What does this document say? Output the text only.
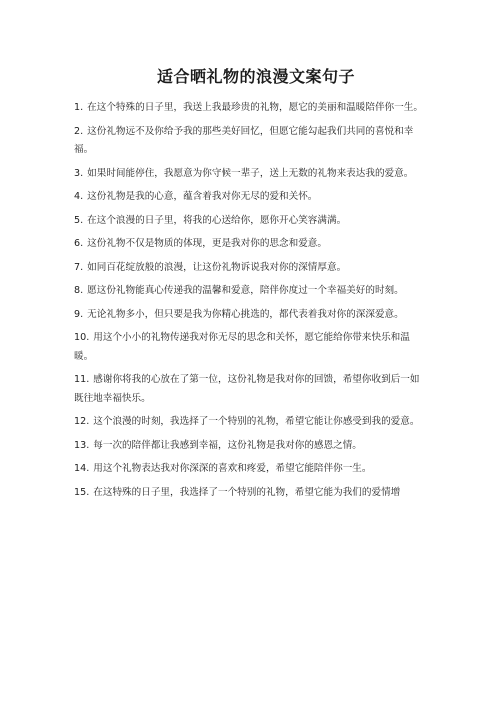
适合晒礼物的浪漫文案句子
1. 在这个特殊的日子里，我送上我最珍贵的礼物，愿它的美丽和温暖陪伴你一生。
2. 这份礼物远不及你给予我的那些美好回忆，但愿它能勾起我们共同的喜悦和幸福。
3. 如果时间能停住，我愿意为你守候一辈子，送上无数的礼物来表达我的爱意。
4. 这份礼物是我的心意，蕴含着我对你无尽的爱和关怀。
5. 在这个浪漫的日子里，将我的心送给你，愿你开心笑容满满。
6. 这份礼物不仅是物质的体现，更是我对你的思念和爱意。
7. 如同百花绽放般的浪漫，让这份礼物诉说我对你的深情厚意。
8. 愿这份礼物能真心传递我的温馨和爱意，陪伴你度过一个幸福美好的时刻。
9. 无论礼物多小，但只要是我为你精心挑选的，都代表着我对你的深深爱意。
10. 用这个小小的礼物传递我对你无尽的思念和关怀，愿它能给你带来快乐和温暖。
11. 感谢你将我的心放在了第一位，这份礼物是我对你的回馈，希望你收到后一如既往地幸福快乐。
12. 这个浪漫的时刻，我选择了一个特别的礼物，希望它能让你感受到我的爱意。
13. 每一次的陪伴都让我感到幸福，这份礼物是我对你的感恩之情。
14. 用这个礼物表达我对你深深的喜欢和疼爱，希望它能陪伴你一生。
15. 在这特殊的日子里，我选择了一个特别的礼物，希望它能为我们的爱情增
